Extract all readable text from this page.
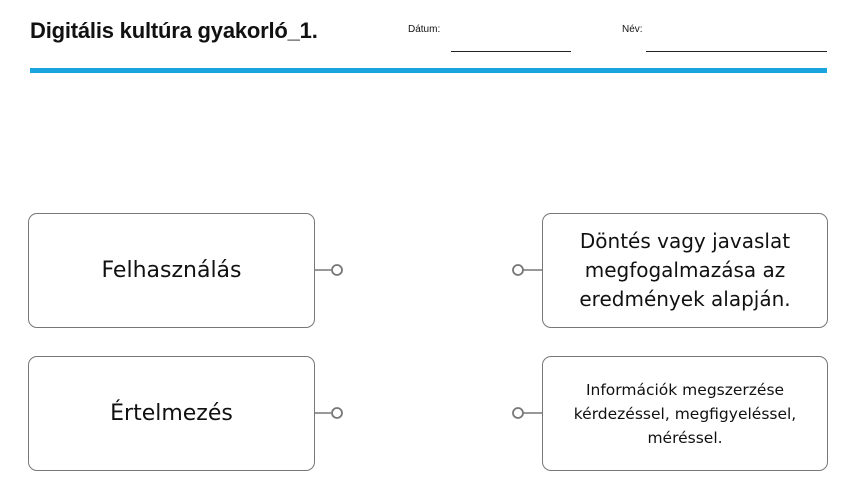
Digitális kultúra gyakorló_1.	Dátum:	Név:
Felhasználás
Értelmezés
Döntés vagy javaslat megfogalmazása az eredmények alapján.
Információk megszerzése kérdezéssel, megfigyeléssel, méréssel.
